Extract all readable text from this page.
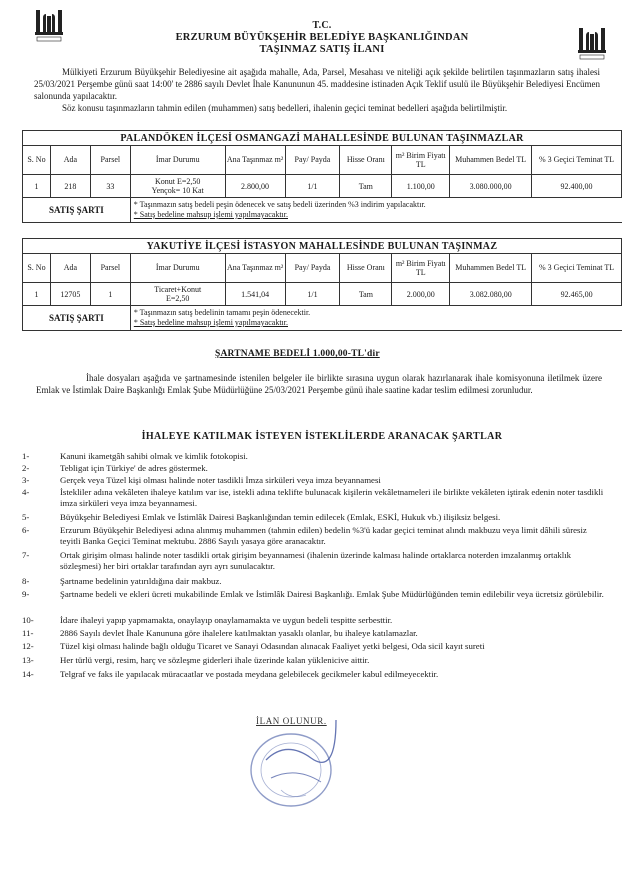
T.C.
ERZURUM BÜYÜKŞEHİR BELEDİYE BAŞKANLIĞINDAN
TAŞINMAZ SATIŞ İLANI
Mülkiyeti Erzurum Büyükşehir Belediyesine ait aşağıda mahalle, Ada, Parsel, Mesahası ve niteliği açık şekilde belirtilen taşınmazların satış ihalesi 25/03/2021 Perşembe günü saat 14:00' te 2886 sayılı Devlet İhale Kanununun 45. maddesine istinaden Açık Teklif usulü ile Büyükşehir Belediyesi Encümen salonunda yapılacaktır.
Söz konusu taşınmazların tahmin edilen (muhammen) satış bedelleri, ihalenin geçici teminat bedelleri aşağıda belirtilmiştir.
PALANDÖKEN İLÇESİ OSMANGAZİ MAHALLESİNDE BULUNAN TAŞINMAZLAR									
S. No	Ada	Parsel	İmar Durumu	Ana Taşınmaz m²	Pay/ Payda	Hisse Oranı	m² Birim Fiyatı TL	Muhammen Bedel TL	% 3 Geçici Teminat TL
1	218	33	Konut E=2,50
Yençok= 10 Kat	2.800,00	1/1	Tam	1.100,00	3.080.000,00	92.400,00
SATIŞ ŞARTI			* Taşınmazın satış bedeli peşin ödenecek ve satış bedeli üzerinden %3 indirim yapılacaktır.
* Satış bedeline mahsup işlemi yapılmayacaktır.						
YAKUTİYE İLÇESİ İSTASYON MAHALLESİNDE BULUNAN TAŞINMAZ									
S. No	Ada	Parsel	İmar Durumu	Ana Taşınmaz m²	Pay/ Payda	Hisse Oranı	m² Birim Fiyatı TL	Muhammen Bedel TL	% 3 Geçici Teminat TL
1	12705	1	Ticaret+Konut
E=2,50	1.541,04	1/1	Tam	2.000,00	3.082.080,00	92.465,00
SATIŞ ŞARTI			* Taşınmazın satış bedelinin tamamı peşin ödenecektir.
* Satış bedeline mahsup işlemi yapılmayacaktır.						
ŞARTNAME BEDELİ 1.000,00-TL'dir
İhale dosyaları aşağıda ve şartnamesinde istenilen belgeler ile birlikte sırasına uygun olarak hazırlanarak ihale komisyonuna iletilmek üzere Emlak ve İstimlak Daire Başkanlığı Emlak Şube Müdürlüğüne 25/03/2021 Perşembe günü ihale saatine kadar teslim edilmesi zorunludur.
İHALEYE KATILMAK İSTEYEN İSTEKLİLERDE ARANACAK ŞARTLAR
1-	Kanuni ikametgâh sahibi olmak ve kimlik fotokopisi.
2-	Tebligat için Türkiye' de adres göstermek.
3-	Gerçek veya Tüzel kişi olması halinde noter tasdikli İmza sirküleri veya imza beyannamesi
4-	İstekliler adına vekâleten ihaleye katılım var ise, istekli adına teklifte bulunacak kişilerin vekâletnameleri ile birlikte vekâleten iştirak edenin noter tasdikli imza sirküleri veya imza beyannamesi.
5-	Büyükşehir Belediyesi Emlak ve İstimlâk Dairesi Başkanlığından temin edilecek (Emlak, ESKİ, Hukuk vb.) ilişiksiz belgesi.
6-	Erzurum Büyükşehir Belediyesi adına alınmış muhammen (tahmin edilen) bedelin %3'ü kadar geçici teminat alındı makbuzu veya limit dâhili süresiz teyitli Banka Geçici Teminat mektubu. 2886 Sayılı yasaya göre aranacaktır.
7-	Ortak girişim olması halinde noter tasdikli ortak girişim beyannamesi (ihalenin üzerinde kalması halinde ortaklarca noterden imzalanmış ortaklık sözleşmesi) her biri ortaklar tarafından ayrı ayrı sunulacaktır.
8-	Şartname bedelinin yatırıldığına dair makbuz.
9-	Şartname bedeli ve ekleri ücreti mukabilinde Emlak ve İstimlâk Dairesi Başkanlığı. Emlak Şube Müdürlüğünden temin edilebilir veya ücretsiz görülebilir.
10-	İdare ihaleyi yapıp yapmamakta, onaylayıp onaylamamakta ve uygun bedeli tespitte serbesttir.
11-	2886 Sayılı devlet İhale Kanununa göre ihalelere katılmaktan yasaklı olanlar, bu ihaleye katılamazlar.
12-	Tüzel kişi olması halinde bağlı olduğu Ticaret ve Sanayi Odasından alınacak Faaliyet yetki belgesi, Oda sicil kayıt sureti
13-	Her türlü vergi, resim, harç ve sözleşme giderleri ihale üzerinde kalan yüklenicive aittir.
14-	Telgraf ve faks ile yapılacak müracaatlar ve postada meydana gelebilecek gecikmeler kabul edilmeyecektir.
İLAN OLUNUR.
